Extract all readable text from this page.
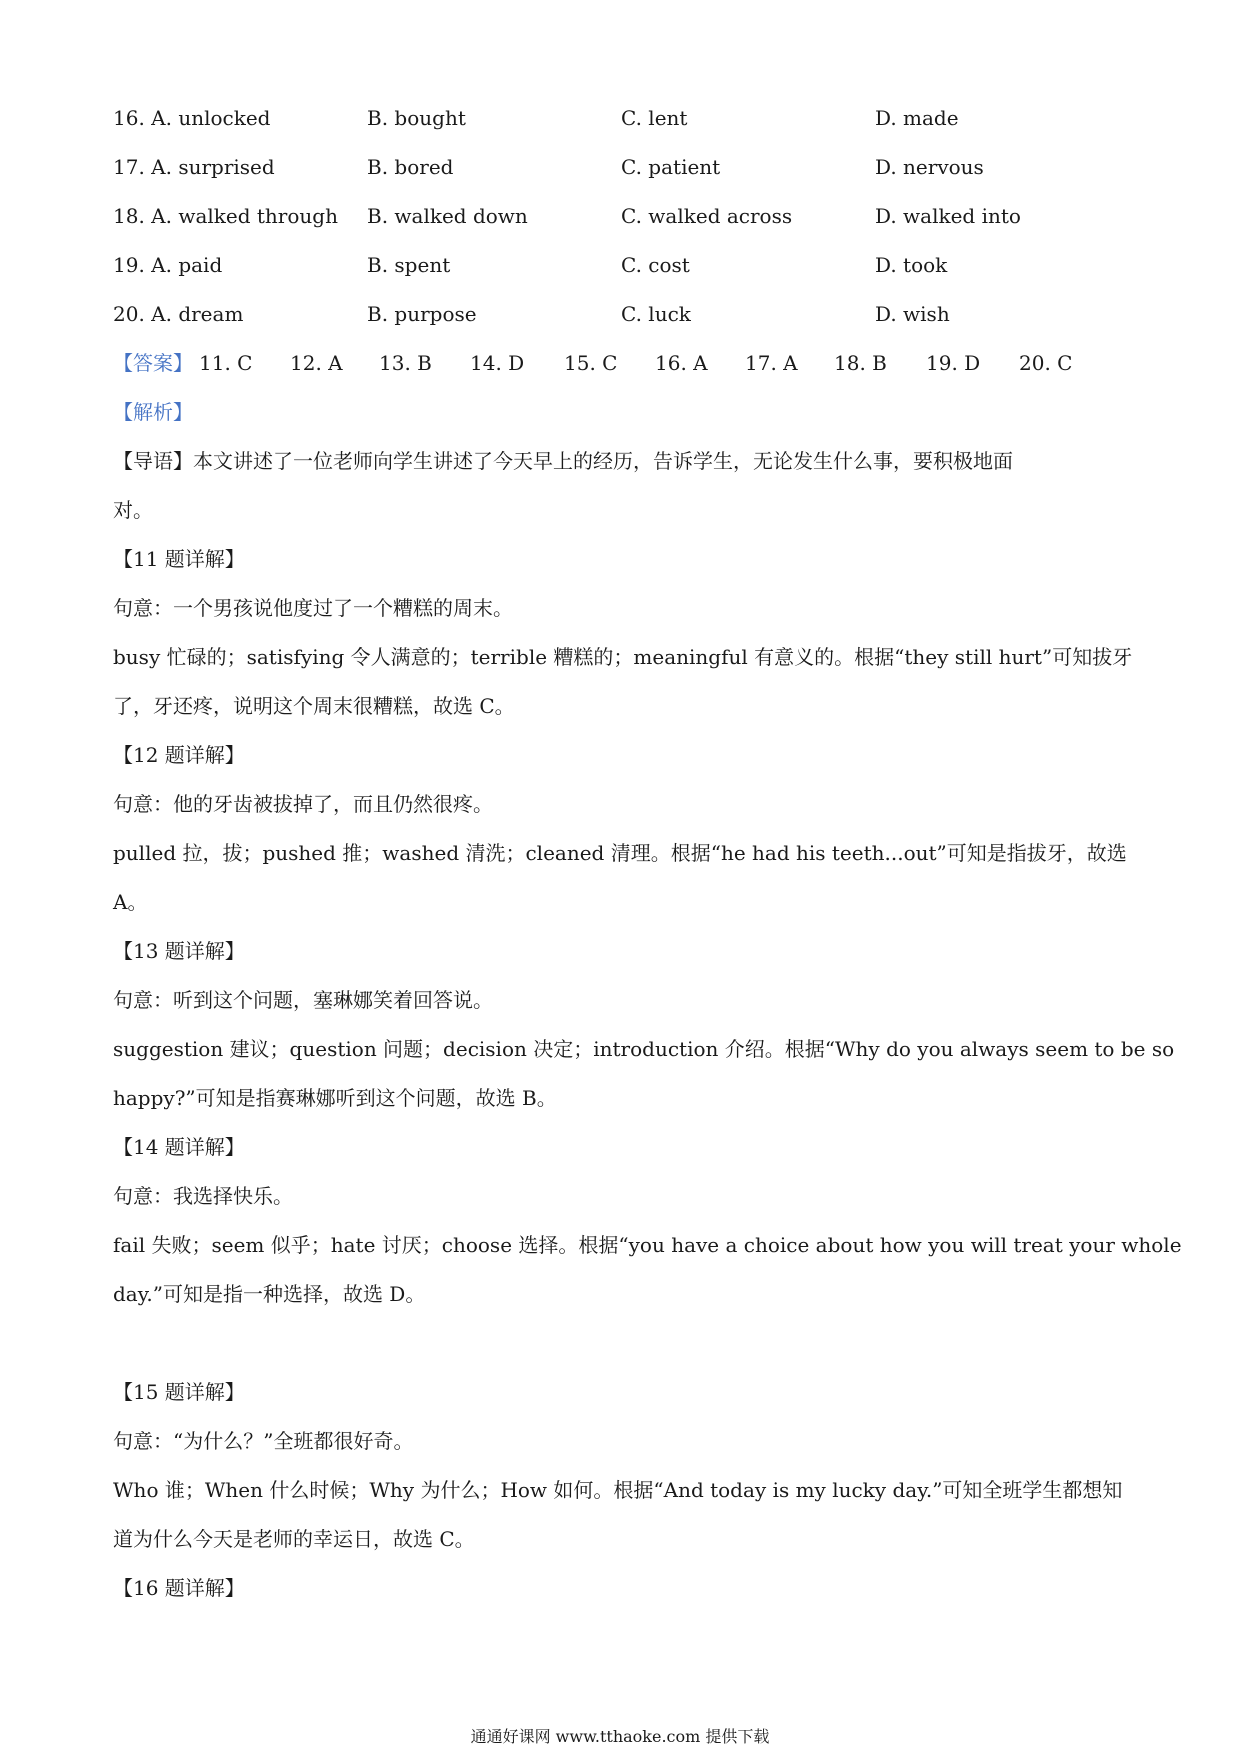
16. A. unlocked	B. bought	C. lent	D. made
17. A. surprised	B. bored	C. patient	D. nervous
18. A. walked through B. walked down	C. walked across	D. walked into
19. A. paid	B. spent	C. cost	D. took
20. A. dream	B. purpose	C. luck	D. wish
【答案】 11. C 12. A 13. B 14. D 15. C 16. A 17. A 18. B 19. D 20. C
【解析】
【导语】本文讲述了一位老师向学生讲述了今天早上的经历，告诉学生，无论发生什么事，要积极地面
对。
【11 题详解】
句意：一个男孩说他度过了一个糟糕的周末。
busy 忙碌的；satisfying 令人满意的；terrible 糟糕的；meaningful 有意义的。根据“they still hurt”可知拔牙
了，牙还疼，说明这个周末很糟糕，故选 C。
【12 题详解】
句意：他的牙齿被拔掉了，而且仍然很疼。
pulled 拉，拔；pushed 推；washed 清洗；cleaned 清理。根据“he had his teeth...out”可知是指拔牙，故选
A。
【13 题详解】
句意：听到这个问题，塞琳娜笑着回答说。
suggestion 建议；question 问题；decision 决定；introduction 介绍。根据“Why do you always seem to be so
happy?”可知是指赛琳娜听到这个问题，故选 B。
【14 题详解】
句意：我选择快乐。
fail 失败；seem 似乎；hate 讨厌；choose 选择。根据“you have a choice about how you will treat your whole
day.”可知是指一种选择，故选 D。
【15 题详解】
句意：“为什么？”全班都很好奇。
Who 谁；When 什么时候；Why 为什么；How 如何。根据“And today is my lucky day.”可知全班学生都想知
道为什么今天是老师的幸运日，故选 C。
【16 题详解】
通通好课网 www.tthaoke.com 提供下载
